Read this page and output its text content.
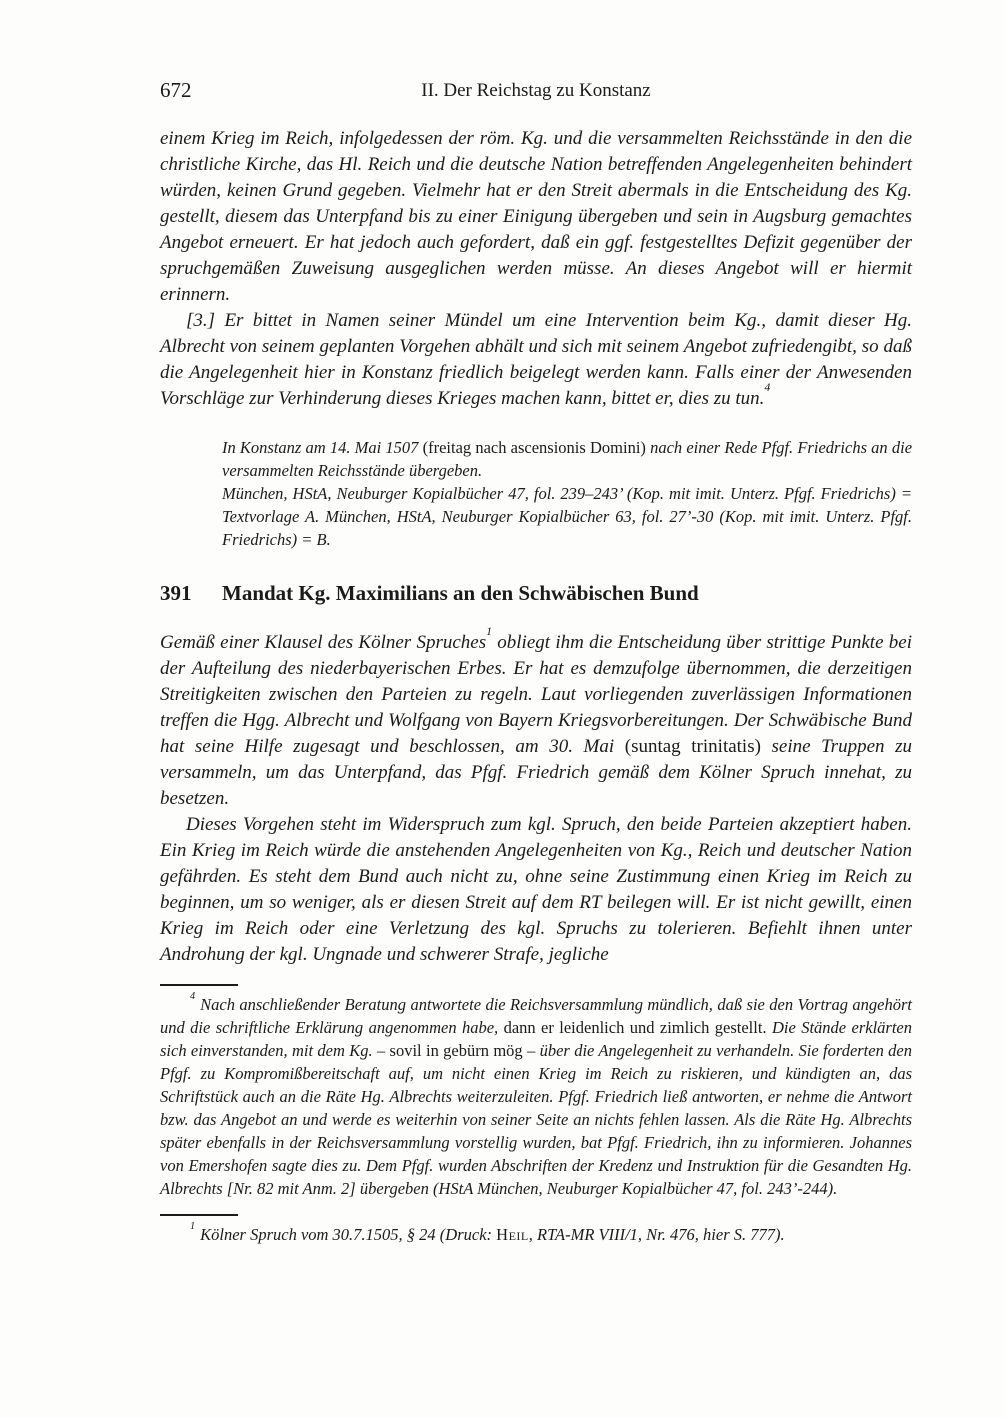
672	II. Der Reichstag zu Konstanz

einem Krieg im Reich, infolgedessen der röm. Kg. und die versammelten Reichsstände in den die christliche Kirche, das Hl. Reich und die deutsche Nation betreffenden Angelegenheiten behindert würden, keinen Grund gegeben. Vielmehr hat er den Streit abermals in die Entscheidung des Kg. gestellt, diesem das Unterpfand bis zu einer Einigung übergeben und sein in Augsburg gemachtes Angebot erneuert. Er hat jedoch auch gefordert, daß ein ggf. festgestelltes Defizit gegenüber der spruchgemäßen Zuweisung ausgeglichen werden müsse. An dieses Angebot will er hiermit erinnern.

[3.] Er bittet in Namen seiner Mündel um eine Intervention beim Kg., damit dieser Hg. Albrecht von seinem geplanten Vorgehen abhält und sich mit seinem Angebot zufriedengibt, so daß die Angelegenheit hier in Konstanz friedlich beigelegt werden kann. Falls einer der Anwesenden Vorschläge zur Verhinderung dieses Krieges machen kann, bittet er, dies zu tun.$^4$

In Konstanz am 14. Mai 1507 (freitag nach ascensionis Domini) nach einer Rede Pfgf. Friedrichs an die versammelten Reichsstände übergeben.

München, HStA, Neuburger Kopialbücher 47, fol. 239–243’ (Kop. mit imit. Unterz. Pfgf. Friedrichs) = Textvorlage A. München, HStA, Neuburger Kopialbücher 63, fol. 27’-30 (Kop. mit imit. Unterz. Pfgf. Friedrichs) = B.

391	Mandat Kg. Maximilians an den Schwäbischen Bund

Gemäß einer Klausel des Kölner Spruches$^1$ obliegt ihm die Entscheidung über strittige Punkte bei der Aufteilung des niederbayerischen Erbes. Er hat es demzufolge übernommen, die derzeitigen Streitigkeiten zwischen den Parteien zu regeln. Laut vorliegenden zuverlässigen Informationen treffen die Hgg. Albrecht und Wolfgang von Bayern Kriegsvorbereitungen. Der Schwäbische Bund hat seine Hilfe zugesagt und beschlossen, am 30. Mai (suntag trinitatis) seine Truppen zu versammeln, um das Unterpfand, das Pfgf. Friedrich gemäß dem Kölner Spruch innehat, zu besetzen.

Dieses Vorgehen steht im Widerspruch zum kgl. Spruch, den beide Parteien akzeptiert haben. Ein Krieg im Reich würde die anstehenden Angelegenheiten von Kg., Reich und deutscher Nation gefährden. Es steht dem Bund auch nicht zu, ohne seine Zustimmung einen Krieg im Reich zu beginnen, um so weniger, als er diesen Streit auf dem RT beilegen will. Er ist nicht gewillt, einen Krieg im Reich oder eine Verletzung des kgl. Spruchs zu tolerieren. Befiehlt ihnen unter Androhung der kgl. Ungnade und schwerer Strafe, jegliche

$^4$ Nach anschließender Beratung antwortete die Reichsversammlung mündlich, daß sie den Vortrag angehört und die schriftliche Erklärung angenommen habe, dann er leidenlich und zimlich gestellt. Die Stände erklärten sich einverstanden, mit dem Kg. – sovil in gebürn mög – über die Angelegenheit zu verhandeln. Sie forderten den Pfgf. zu Kompromißbereitschaft auf, um nicht einen Krieg im Reich zu riskieren, und kündigten an, das Schriftstück auch an die Räte Hg. Albrechts weiterzuleiten. Pfgf. Friedrich ließ antworten, er nehme die Antwort bzw. das Angebot an und werde es weiterhin von seiner Seite an nichts fehlen lassen. Als die Räte Hg. Albrechts später ebenfalls in der Reichsversammlung vorstellig wurden, bat Pfgf. Friedrich, ihn zu informieren. Johannes von Emershofen sagte dies zu. Dem Pfgf. wurden Abschriften der Kredenz und Instruktion für die Gesandten Hg. Albrechts [Nr. 82 mit Anm. 2] übergeben (HStA München, Neuburger Kopialbücher 47, fol. 243’-244).

$^1$ Kölner Spruch vom 30.7.1505, § 24 (Druck: Heil, RTA-MR VIII/1, Nr. 476, hier S. 777).
